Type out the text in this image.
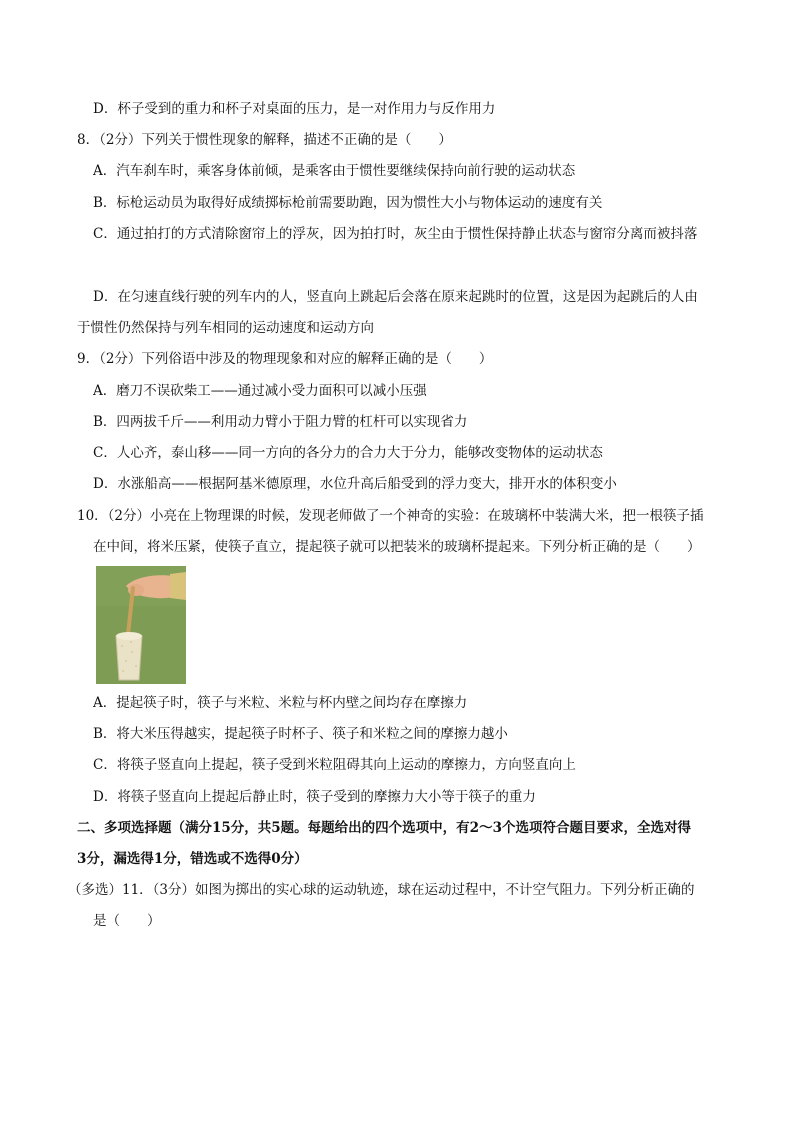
D．杯子受到的重力和杯子对桌面的压力，是一对作用力与反作用力
8．（2分）下列关于惯性现象的解释，描述不正确的是（　　）
A．汽车刹车时，乘客身体前倾，是乘客由于惯性要继续保持向前行驶的运动状态
B．标枪运动员为取得好成绩掷标枪前需要助跑，因为惯性大小与物体运动的速度有关
C．通过拍打的方式清除窗帘上的浮灰，因为拍打时，灰尘由于惯性保持静止状态与窗帘分离而被抖落
D．在匀速直线行驶的列车内的人，竖直向上跳起后会落在原来起跳时的位置，这是因为起跳后的人由
于惯性仍然保持与列车相同的运动速度和运动方向
9．（2分）下列俗语中涉及的物理现象和对应的解释正确的是（　　）
A．磨刀不误砍柴工——通过减小受力面积可以减小压强
B．四两拔千斤——利用动力臂小于阻力臂的杠杆可以实现省力
C．人心齐，泰山移——同一方向的各分力的合力大于分力，能够改变物体的运动状态
D．水涨船高——根据阿基米德原理，水位升高后船受到的浮力变大，排开水的体积变小
10．（2分）小亮在上物理课的时候，发现老师做了一个神奇的实验：在玻璃杯中装满大米，把一根筷子插
在中间，将米压紧，使筷子直立，提起筷子就可以把装米的玻璃杯提起来。下列分析正确的是（　　）
A．提起筷子时，筷子与米粒、米粒与杯内壁之间均存在摩擦力
B．将大米压得越实，提起筷子时杯子、筷子和米粒之间的摩擦力越小
C．将筷子竖直向上提起，筷子受到米粒阻碍其向上运动的摩擦力，方向竖直向上
D．将筷子竖直向上提起后静止时，筷子受到的摩擦力大小等于筷子的重力
二、多项选择题（满分15分，共5题。每题给出的四个选项中，有2～3个选项符合题目要求，全选对得
3分，漏选得1分，错选或不选得0分）
（多选）11．（3分）如图为掷出的实心球的运动轨迹，球在运动过程中，不计空气阻力。下列分析正确的
是（　　）
